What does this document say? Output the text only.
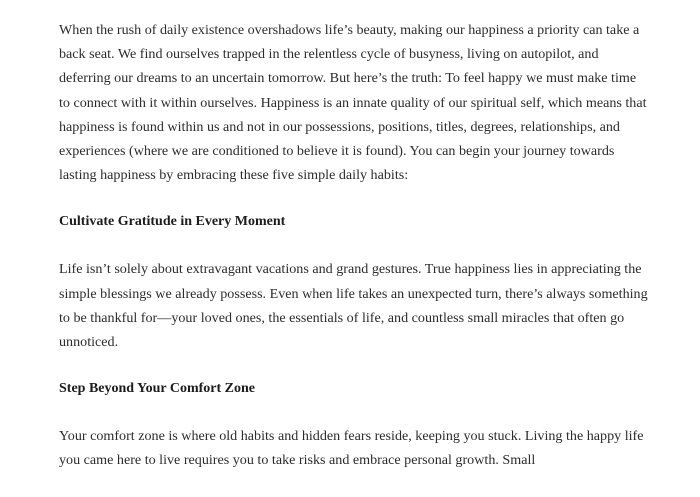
When the rush of daily existence overshadows life’s beauty, making our happiness a priority can take a back seat. We find ourselves trapped in the relentless cycle of busyness, living on autopilot, and deferring our dreams to an uncertain tomorrow. But here’s the truth: To feel happy we must make time to connect with it within ourselves. Happiness is an innate quality of our spiritual self, which means that happiness is found within us and not in our possessions, positions, titles, degrees, relationships, and experiences (where we are conditioned to believe it is found). You can begin your journey towards lasting happiness by embracing these five simple daily habits:

Cultivate Gratitude in Every Moment

Life isn’t solely about extravagant vacations and grand gestures. True happiness lies in appreciating the simple blessings we already possess. Even when life takes an unexpected turn, there’s always something to be thankful for—your loved ones, the essentials of life, and countless small miracles that often go unnoticed.

Step Beyond Your Comfort Zone

Your comfort zone is where old habits and hidden fears reside, keeping you stuck. Living the happy life you came here to live requires you to take risks and embrace personal growth. Small
